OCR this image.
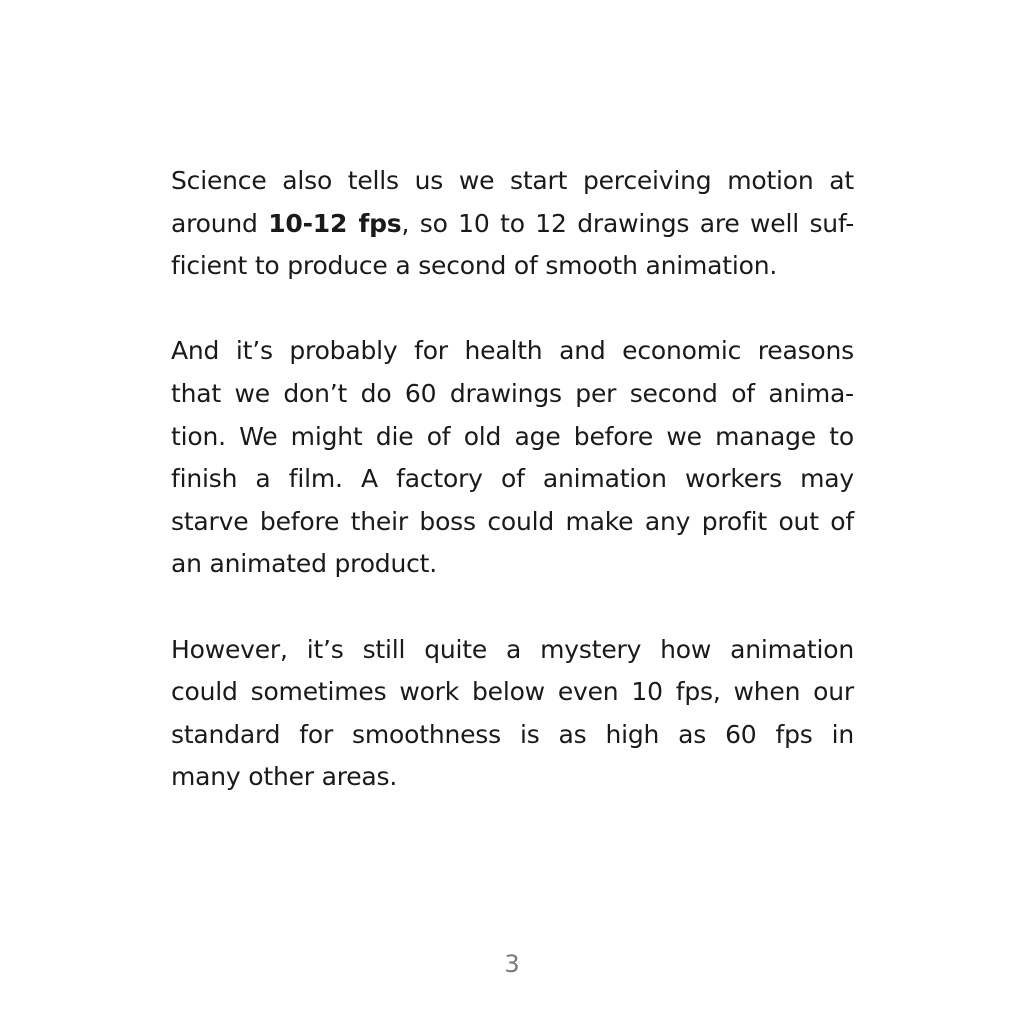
Science also tells us we start perceiving motion at
around 10-12 fps, so 10 to 12 drawings are well suf-
ficient to produce a second of smooth animation.

And it’s probably for health and economic reasons
that we don’t do 60 drawings per second of anima-
tion. We might die of old age before we manage to
finish a film. A factory of animation workers may
starve before their boss could make any profit out of
an animated product.

However, it’s still quite a mystery how animation
could sometimes work below even 10 fps, when our
standard for smoothness is as high as 60 fps in
many other areas.

3
